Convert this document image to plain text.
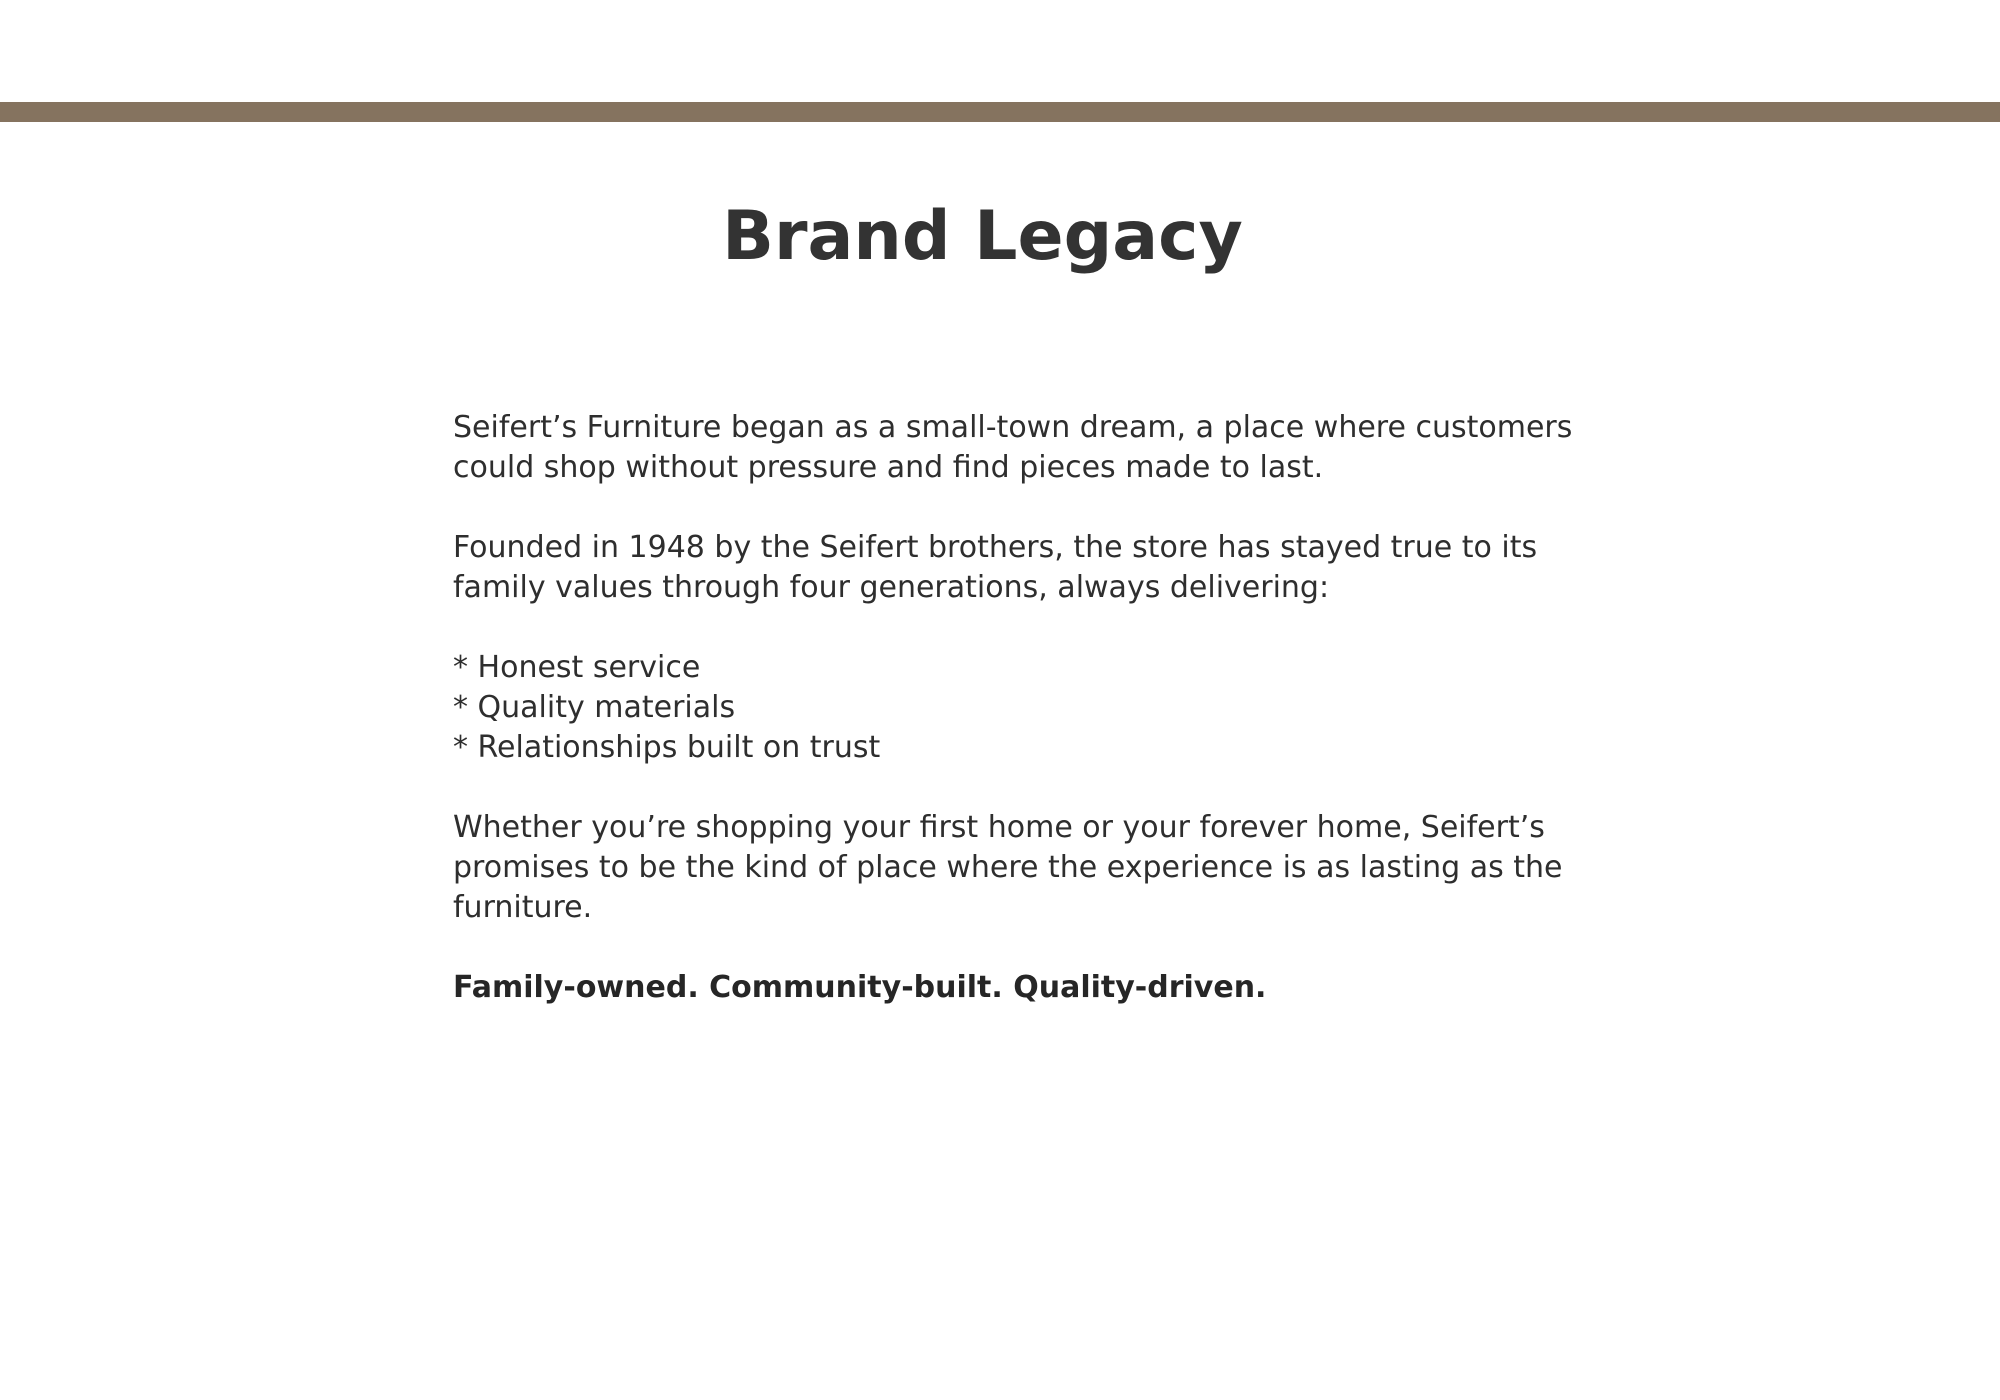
Brand Legacy

Seifert’s Furniture began as a small-town dream, a place where customers could shop without pressure and find pieces made to last.

Founded in 1948 by the Seifert brothers, the store has stayed true to its family values through four generations, always delivering:

* Honest service
* Quality materials
* Relationships built on trust

Whether you’re shopping your first home or your forever home, Seifert’s promises to be the kind of place where the experience is as lasting as the furniture.

Family-owned. Community-built. Quality-driven.
